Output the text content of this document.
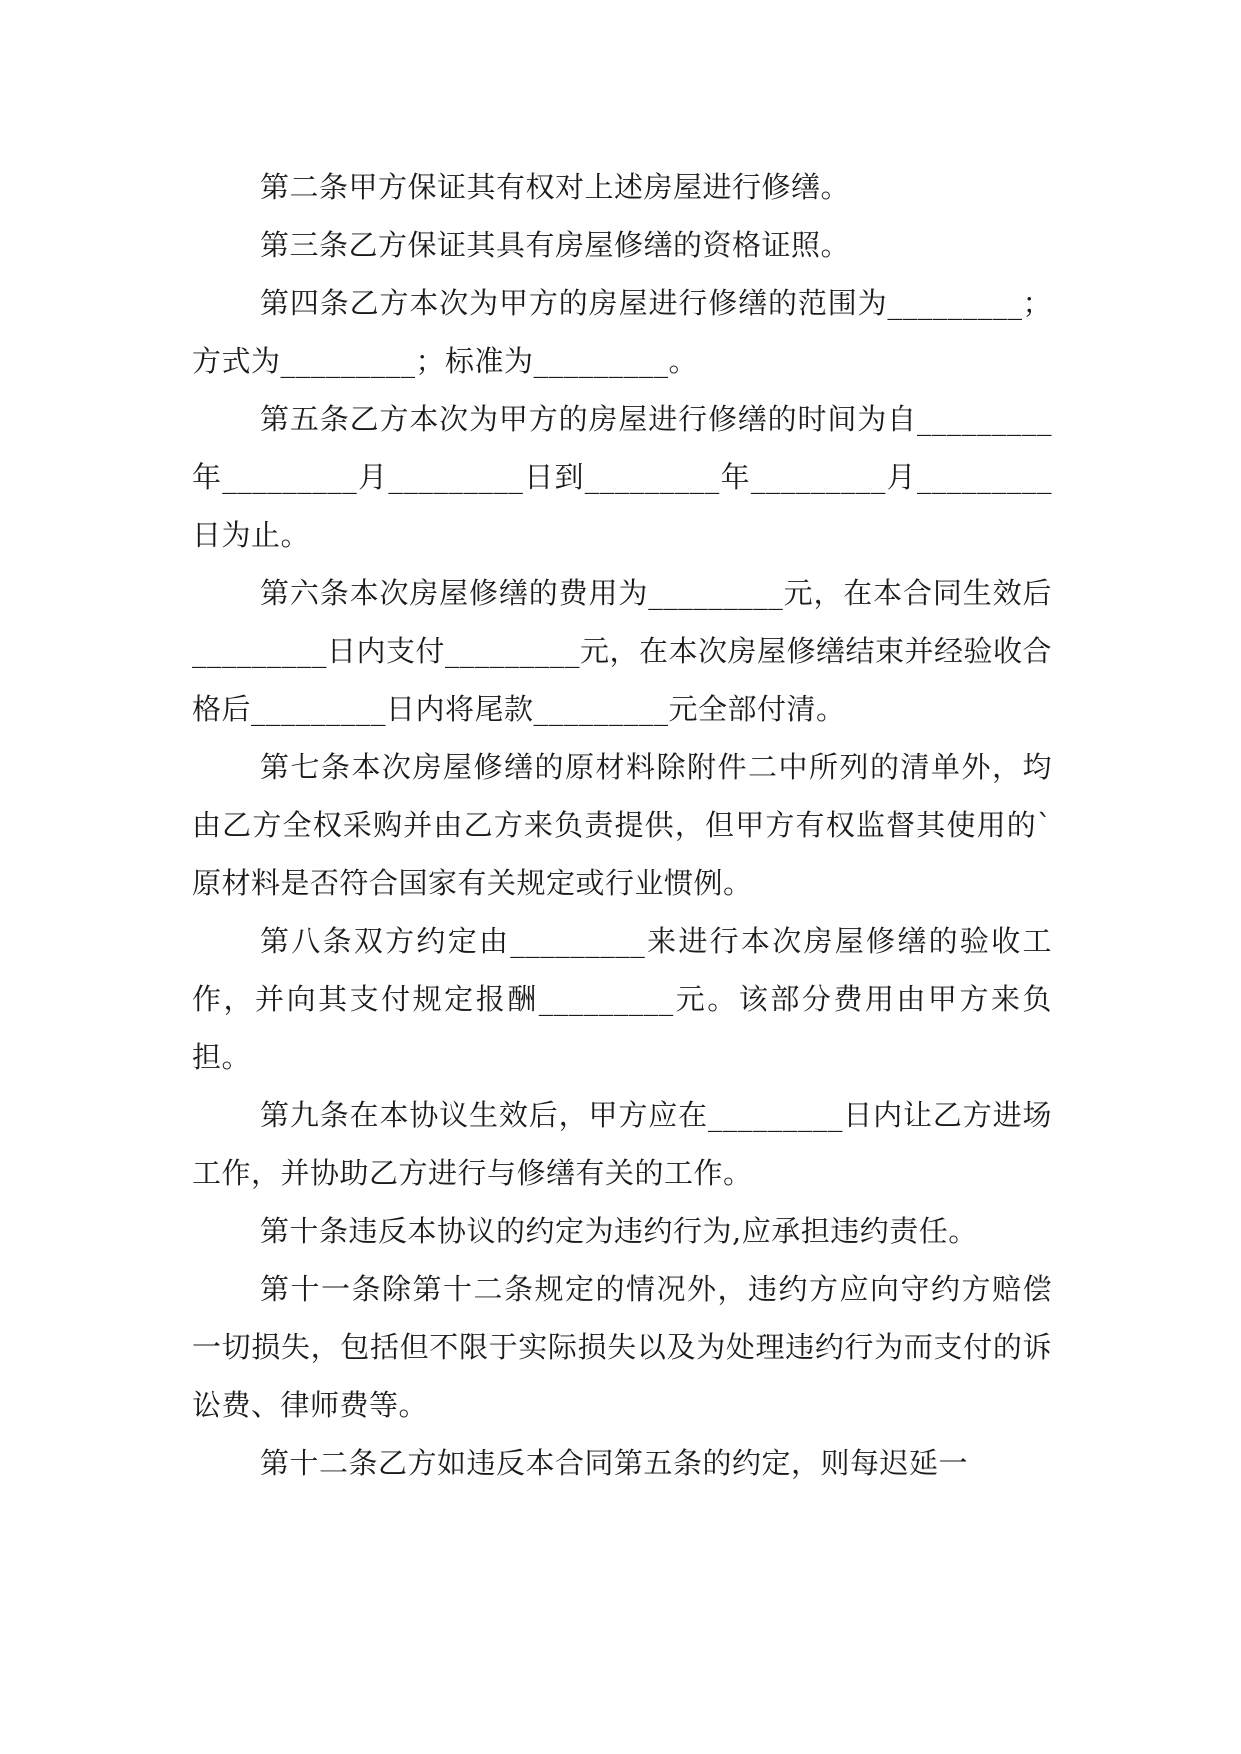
第二条甲方保证其有权对上述房屋进行修缮。

第三条乙方保证其具有房屋修缮的资格证照。

第四条乙方本次为甲方的房屋进行修缮的范围为_________；方式为_________；标准为_________。

第五条乙方本次为甲方的房屋进行修缮的时间为自_________年_________月_________日到_________年_________月_________日为止。

第六条本次房屋修缮的费用为_________元，在本合同生效后_________日内支付_________元，在本次房屋修缮结束并经验收合格后_________日内将尾款_________元全部付清。

第七条本次房屋修缮的原材料除附件二中所列的清单外，均由乙方全权采购并由乙方来负责提供，但甲方有权监督其使用的`原材料是否符合国家有关规定或行业惯例。

第八条双方约定由_________来进行本次房屋修缮的验收工作，并向其支付规定报酬_________元。该部分费用由甲方来负担。

第九条在本协议生效后，甲方应在_________日内让乙方进场工作，并协助乙方进行与修缮有关的工作。

第十条违反本协议的约定为违约行为,应承担违约责任。

第十一条除第十二条规定的情况外，违约方应向守约方赔偿一切损失，包括但不限于实际损失以及为处理违约行为而支付的诉讼费、律师费等。

第十二条乙方如违反本合同第五条的约定，则每迟延一
